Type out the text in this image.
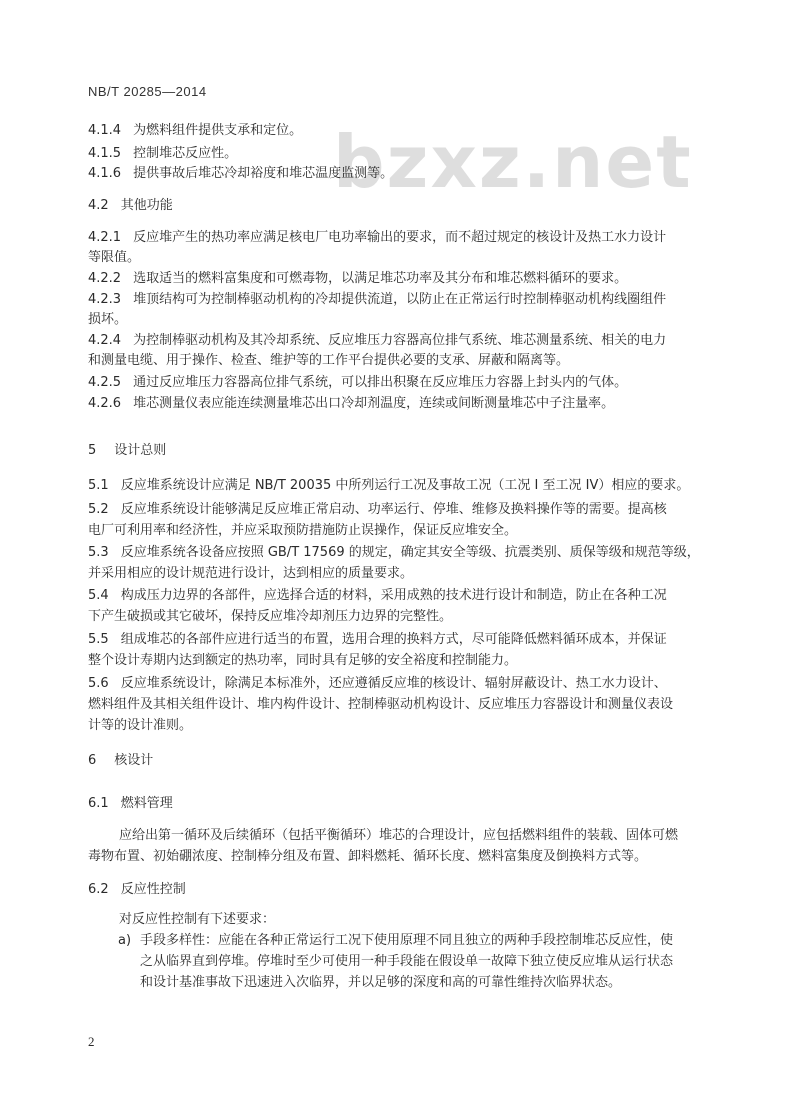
NB/T 20285—2014
bzxz.net
4.1.4 为燃料组件提供支承和定位。
4.1.5 控制堆芯反应性。
4.1.6 提供事故后堆芯冷却裕度和堆芯温度监测等。
4.2 其他功能
4.2.1 反应堆产生的热功率应满足核电厂电功率输出的要求，而不超过规定的核设计及热工水力设计
等限值。
4.2.2 选取适当的燃料富集度和可燃毒物，以满足堆芯功率及其分布和堆芯燃料循环的要求。
4.2.3 堆顶结构可为控制棒驱动机构的冷却提供流道，以防止在正常运行时控制棒驱动机构线圈组件
损坏。
4.2.4 为控制棒驱动机构及其冷却系统、反应堆压力容器高位排气系统、堆芯测量系统、相关的电力
和测量电缆、用于操作、检查、维护等的工作平台提供必要的支承、屏蔽和隔离等。
4.2.5 通过反应堆压力容器高位排气系统，可以排出积聚在反应堆压力容器上封头内的气体。
4.2.6 堆芯测量仪表应能连续测量堆芯出口冷却剂温度，连续或间断测量堆芯中子注量率。
5 设计总则
5.1 反应堆系统设计应满足 NB/T 20035 中所列运行工况及事故工况（工况 I 至工况 IV）相应的要求。
5.2 反应堆系统设计能够满足反应堆正常启动、功率运行、停堆、维修及换料操作等的需要。提高核
电厂可利用率和经济性，并应采取预防措施防止误操作，保证反应堆安全。
5.3 反应堆系统各设备应按照 GB/T 17569 的规定，确定其安全等级、抗震类别、质保等级和规范等级，
并采用相应的设计规范进行设计，达到相应的质量要求。
5.4 构成压力边界的各部件，应选择合适的材料，采用成熟的技术进行设计和制造，防止在各种工况
下产生破损或其它破坏，保持反应堆冷却剂压力边界的完整性。
5.5 组成堆芯的各部件应进行适当的布置，选用合理的换料方式，尽可能降低燃料循环成本，并保证
整个设计寿期内达到额定的热功率，同时具有足够的安全裕度和控制能力。
5.6 反应堆系统设计，除满足本标准外，还应遵循反应堆的核设计、辐射屏蔽设计、热工水力设计、
燃料组件及其相关组件设计、堆内构件设计、控制棒驱动机构设计、反应堆压力容器设计和测量仪表设
计等的设计准则。
6 核设计
6.1 燃料管理
应给出第一循环及后续循环（包括平衡循环）堆芯的合理设计，应包括燃料组件的装载、固体可燃
毒物布置、初始硼浓度、控制棒分组及布置、卸料燃耗、循环长度、燃料富集度及倒换料方式等。
6.2 反应性控制
对反应性控制有下述要求：
a) 手段多样性：应能在各种正常运行工况下使用原理不同且独立的两种手段控制堆芯反应性，使
之从临界直到停堆。停堆时至少可使用一种手段能在假设单一故障下独立使反应堆从运行状态
和设计基准事故下迅速进入次临界，并以足够的深度和高的可靠性维持次临界状态。
2
